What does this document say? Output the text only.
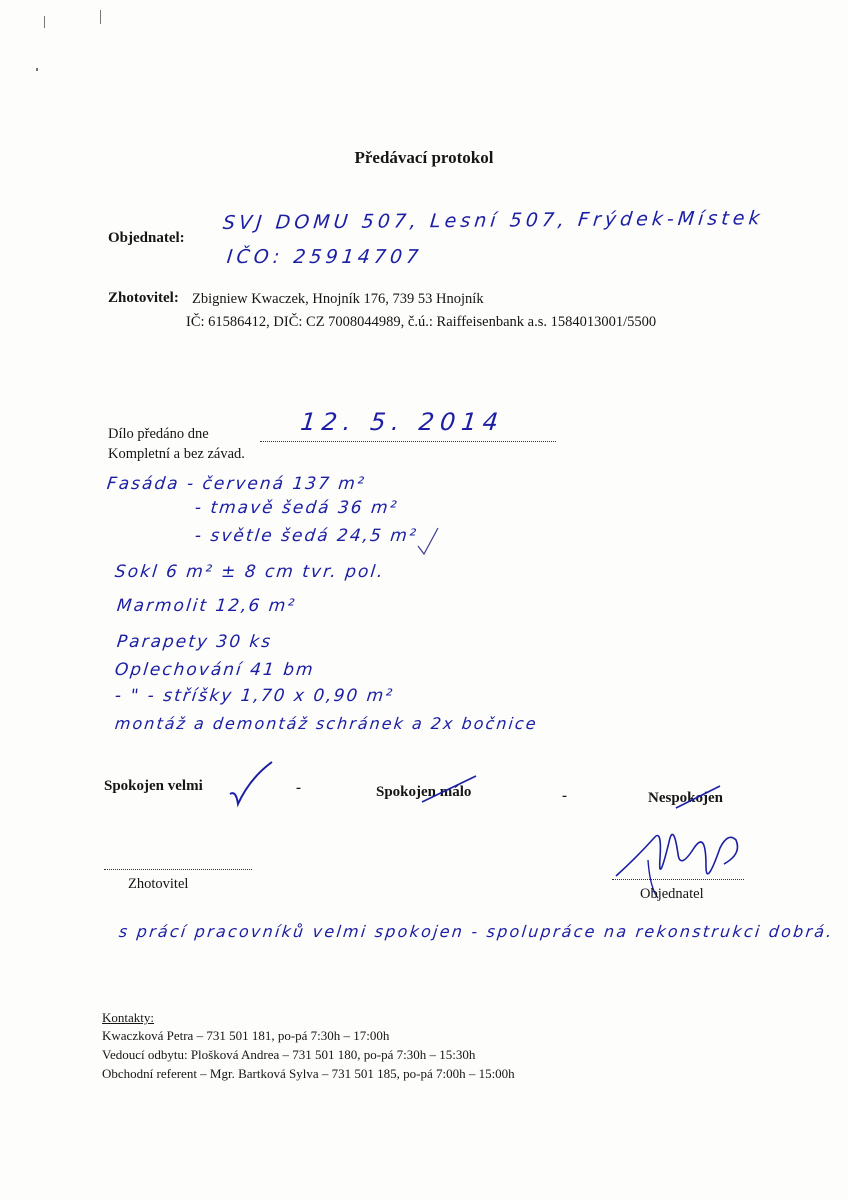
Předávací protokol
Objednatel:
SVJ DOMU 507, Lesní 507, Frýdek-Místek
IČO: 25914707
Zhotovitel: Zbigniew Kwaczek, Hnojník 176, 739 53 Hnojník
IČ: 61586412, DIČ: CZ 7008044989, č.ú.: Raiffeisenbank a.s. 1584013001/5500
Dílo předáno dne	12. 5. 2014
Kompletní a bez závad.
Fasáda - červená 137 m²
- tmavě šedá 36 m²
- světle šedá 24,5 m²
Sokl 6 m² ± 8 cm tvr. pol.
Marmolit 12,6 m²
Parapety 30 ks
Oplechování 41 bm
- " - stříšky 1,70 x 0,90 m²
montáž a demontáž schránek a 2x bočnice
Spokojen velmi	-	Spokojen málo	-	Nespokojen
Zhotovitel
Objednatel
s prácí pracovníků velmi spokojen - spolupráce na rekonstrukci dobrá.
Kontakty:
Kwaczková Petra – 731 501 181, po-pá 7:30h – 17:00h
Vedoucí odbytu: Plošková Andrea – 731 501 180, po-pá 7:30h – 15:30h
Obchodní referent – Mgr. Bartková Sylva – 731 501 185, po-pá 7:00h – 15:00h
